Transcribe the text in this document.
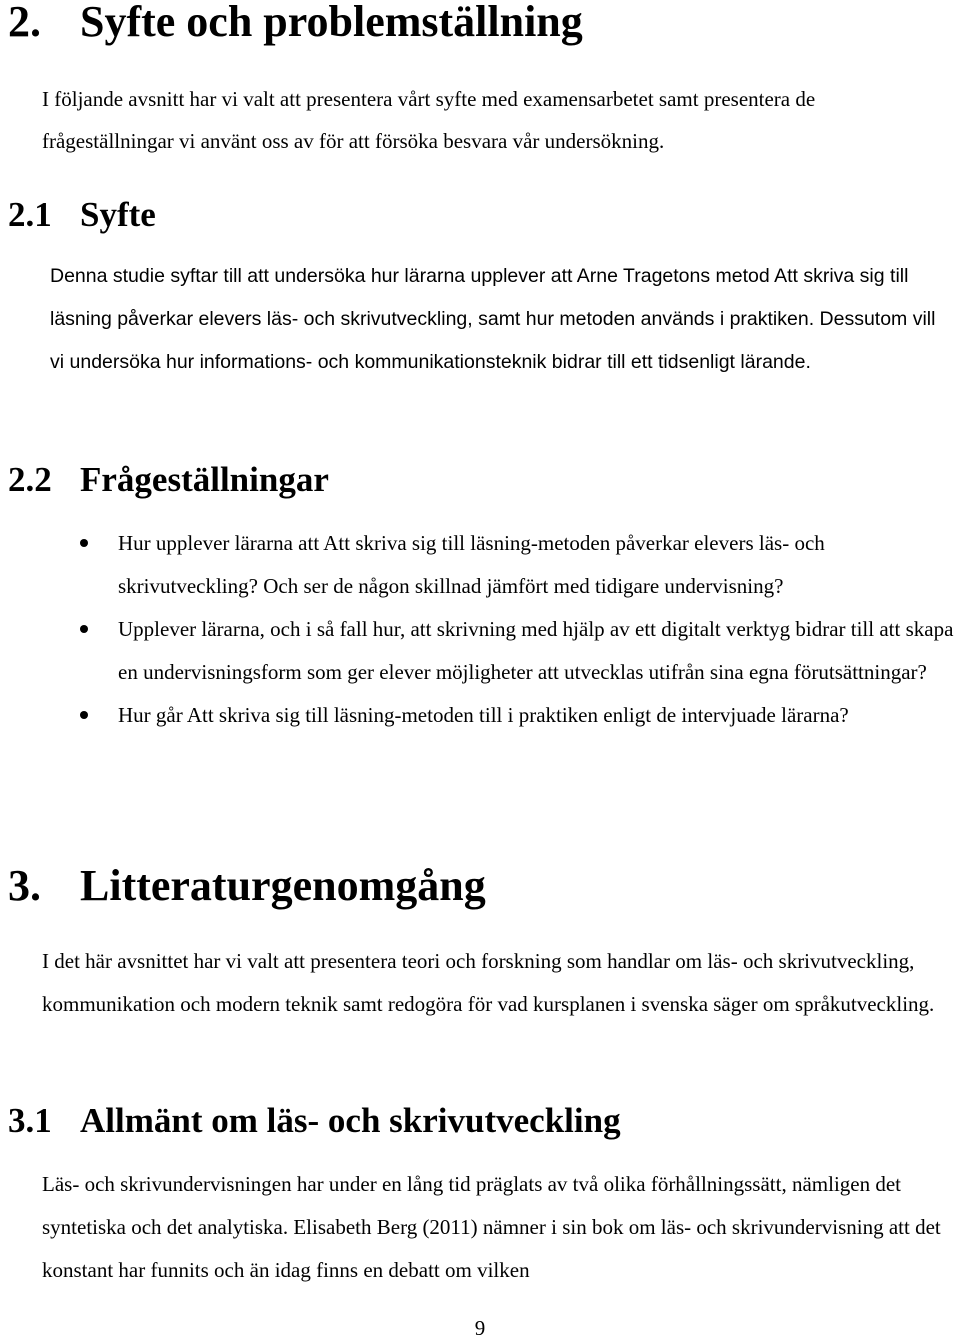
2. Syfte och problemställning

I följande avsnitt har vi valt att presentera vårt syfte med examensarbetet samt presentera de frågeställningar vi använt oss av för att försöka besvara vår undersökning.

2.1 Syfte

Denna studie syftar till att undersöka hur lärarna upplever att Arne Tragetons metod Att skriva sig till läsning påverkar elevers läs- och skrivutveckling, samt hur metoden används i praktiken. Dessutom vill vi undersöka hur informations- och kommunikationsteknik bidrar till ett tidsenligt lärande.

2.2 Frågeställningar
Hur upplever lärarna att Att skriva sig till läsning-metoden påverkar elevers läs- och skrivutveckling? Och ser de någon skillnad jämfört med tidigare undervisning?
Upplever lärarna, och i så fall hur, att skrivning med hjälp av ett digitalt verktyg bidrar till att skapa en undervisningsform som ger elever möjligheter att utvecklas utifrån sina egna förutsättningar?
Hur går Att skriva sig till läsning-metoden till i praktiken enligt de intervjuade lärarna?
3. Litteraturgenomgång

I det här avsnittet har vi valt att presentera teori och forskning som handlar om läs- och skrivutveckling, kommunikation och modern teknik samt redogöra för vad kursplanen i svenska säger om språkutveckling.

3.1 Allmänt om läs- och skrivutveckling

Läs- och skrivundervisningen har under en lång tid präglats av två olika förhållningssätt, nämligen det syntetiska och det analytiska. Elisabeth Berg (2011) nämner i sin bok om läs- och skrivundervisning att det konstant har funnits och än idag finns en debatt om vilken

9
